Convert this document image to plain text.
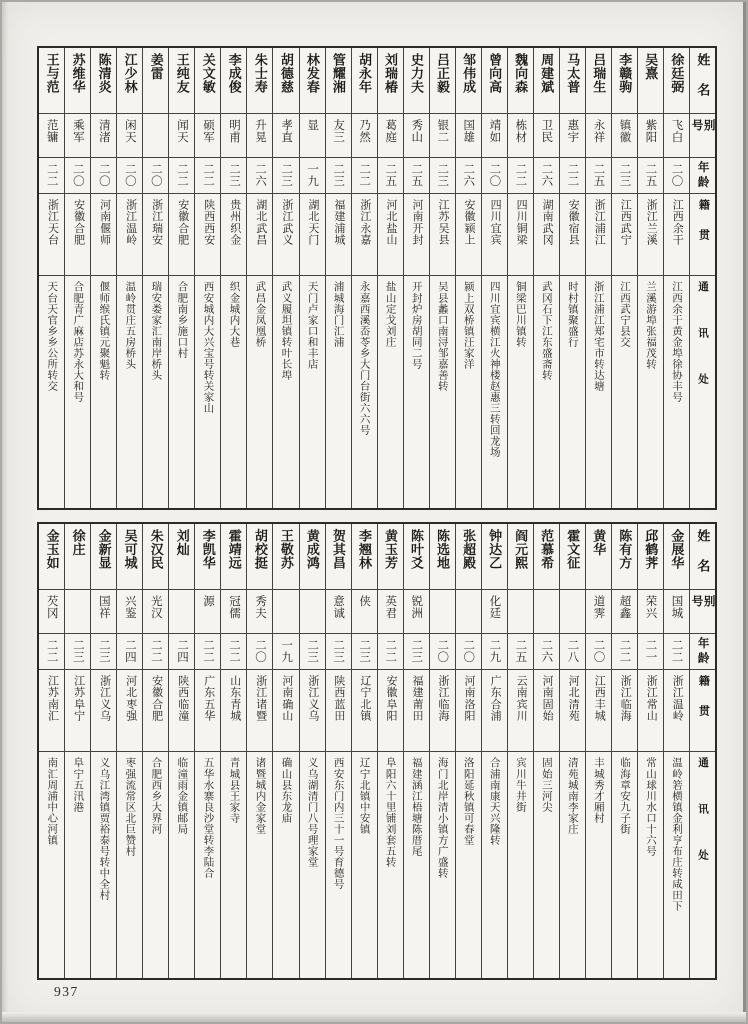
姓名
别号
年龄
籍贯
通讯处
徐廷弼
飞白
二〇
江西余干
江西余干黄金埠徐协丰号
吴熹
紫阳
二五
浙江兰溪
兰溪游埠张福茂转
李赣驹
镇徽
二三
江西武宁
江西武宁县交
吕瑞生
永祥
二五
浙江浦江
浙江浦江郑宅市转达塘
马太普
惠宇
二二
安徽宿县
时村镇聚盛行
周建斌
卫民
二六
湖南武冈
武冈石下江东盛斋转
魏向森
栋材
二二
四川铜梁
铜梁巴川镇转
曾向高
靖如
二〇
四川宜宾
四川宜宾横江火神楼赵惠三转回龙场
邹伟成
国雄
二六
安徽颍上
颍上双桥镇汪家洋
吕正毅
银二
二三
江苏吴县
吴县蠡口南浔邹嘉善转
史力夫
秀山
二五
河南开封
开封炉房胡同二号
刘瑞椿
葛庭
二五
河北盐山
盐山定戈刘庄
胡永年
乃然
二二
浙江永嘉
永嘉西溪岙苓乡大门台街六六号
管耀湘
友三
二三
福建浦城
浦城海门汇浦
林发春
显
一九
湖北天门
天门卢家口和丰店
胡德慈
孝直
二三
浙江武义
武义履坦镇转叶长埠
朱士寿
升晃
二六
湖北武昌
武昌金凤凰桥
李成俊
明甫
二三
贵州织金
织金城内大巷
关文敏
硕军
二二
陕西西安
西安城内大兴宝号转关家山
王纯友
闻天
二二
安徽合肥
合肥南乡施口村
姜雷
二〇
浙江瑞安
瑞安娄家汇南岸桥头
江少林
闲天
二〇
浙江温岭
温岭贯庄五房桥头
陈清炎
清渚
二〇
河南偃师
偃师缑氏镇元聚魁转
苏维华
乘军
二〇
安徽合肥
合肥青广麻店苏永大和号
王与范
范镛
二二
浙江天台
天台天官乡乡公所转交
姓名
别号
年龄
籍贯
通讯处
金展华
国城
二二
浙江温岭
温岭箬横镇金利亨布庄转咸田下
邱鹤荠
荣兴
二一
浙江常山
常山球川水口十六号
陈有方
超鑫
二二
浙江临海
临海章安九子街
黄华
道霁
二〇
江西丰城
丰城秀才厢村
霍文征
二八
河北清苑
清苑城南李家庄
范慕希
二六
河南固始
固始三河尖
阎元熙
二五
云南宾川
宾川牛井街
钟达乙
化廷
二九
广东合浦
合浦南康天兴隆转
张超殿
二〇
河南洛阳
洛阳延秋镇可春堂
陈选地
二〇
浙江临海
海门北岸清小镇方广盛转
陈叶爻
锐洲
二三
福建莆田
福建涵江梧塘陈厝尾
黄玉芳
英君
二二
安徽阜阳
阜阳六十里铺刘套五转
李翘林
侠
二三
辽宁北镇
辽宁北镇中安镇
贺其昌
意诚
二三
陕西蓝田
西安东门内三十一号育德号
黄成鸿
二三
浙江义乌
义乌湖清门八号理家堂
王敬苏
一九
河南确山
确山县东龙庙
胡校挺
秀夫
二〇
浙江诸暨
诸暨城内金家堂
霍靖远
冠儒
二二
山东青城
青城县王家寺
李凯华
源
二二
广东五华
五华水寨良沙堂转李陆合
刘灿
二四
陕西临潼
临潼雨金镇邮局
朱汉民
光汉
二二
安徽合肥
合肥西乡大界河
吴可城
兴鉴
二四
河北枣强
枣强流常区北巨赞村
金新显
国祥
二三
浙江义乌
义乌江湾镇贾裕泰号转中全村
徐庄
二三
江苏阜宁
阜宁五汛港
金玉如
芡冈
二二
江苏南汇
南汇周浦中心河镇
937
